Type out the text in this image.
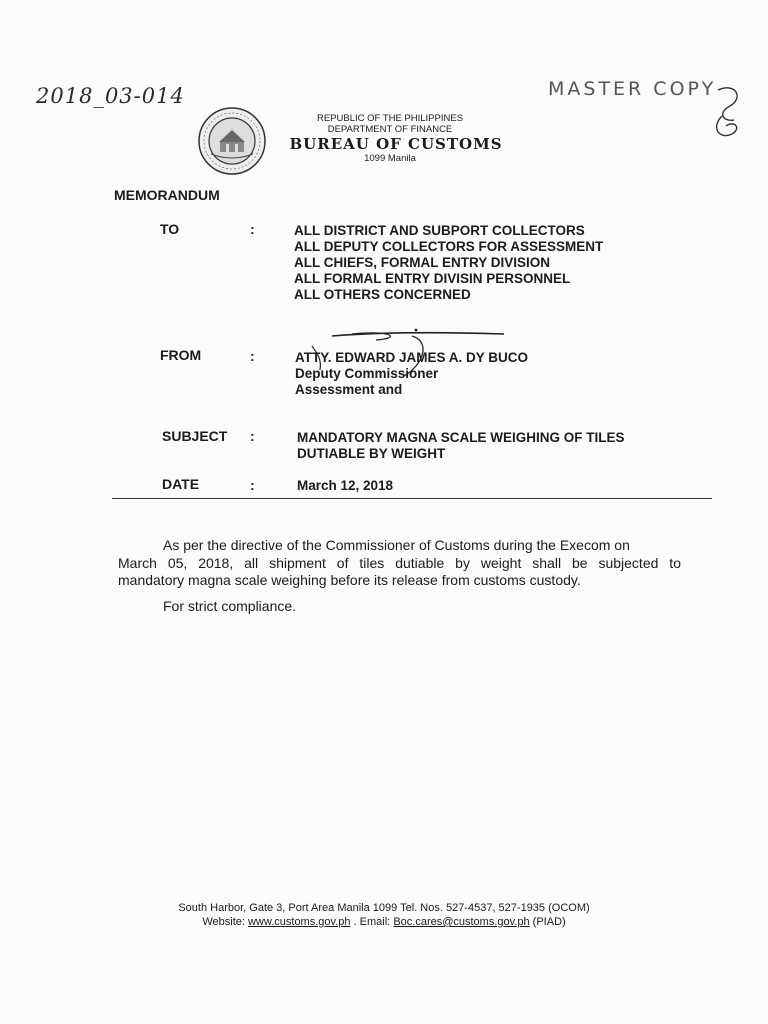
2018_03-014	MASTER COPY
REPUBLIC OF THE PHILIPPINES
DEPARTMENT OF FINANCE
BUREAU OF CUSTOMS
1099 Manila
MEMORANDUM
TO	:	ALL DISTRICT AND SUBPORT COLLECTORS
ALL DEPUTY COLLECTORS FOR ASSESSMENT
ALL CHIEFS, FORMAL ENTRY DIVISION
ALL FORMAL ENTRY DIVISIN PERSONNEL
ALL OTHERS CONCERNED
FROM	:	ATTY. EDWARD JAMES A. DY BUCO
Deputy Commissioner
Assessment and
SUBJECT :	MANDATORY MAGNA SCALE WEIGHING OF TILES
DUTIABLE BY WEIGHT
DATE	:	March 12, 2018
As per the directive of the Commissioner of Customs during the Execom on
March 05, 2018, all shipment of tiles dutiable by weight shall be subjected to
mandatory magna scale weighing before its release from customs custody.
For strict compliance.
South Harbor, Gate 3, Port Area Manila 1099 Tel. Nos. 527-4537, 527-1935 (OCOM)
Website: www.customs.gov.ph . Email: Boc.cares@customs.gov.ph (PIAD)
